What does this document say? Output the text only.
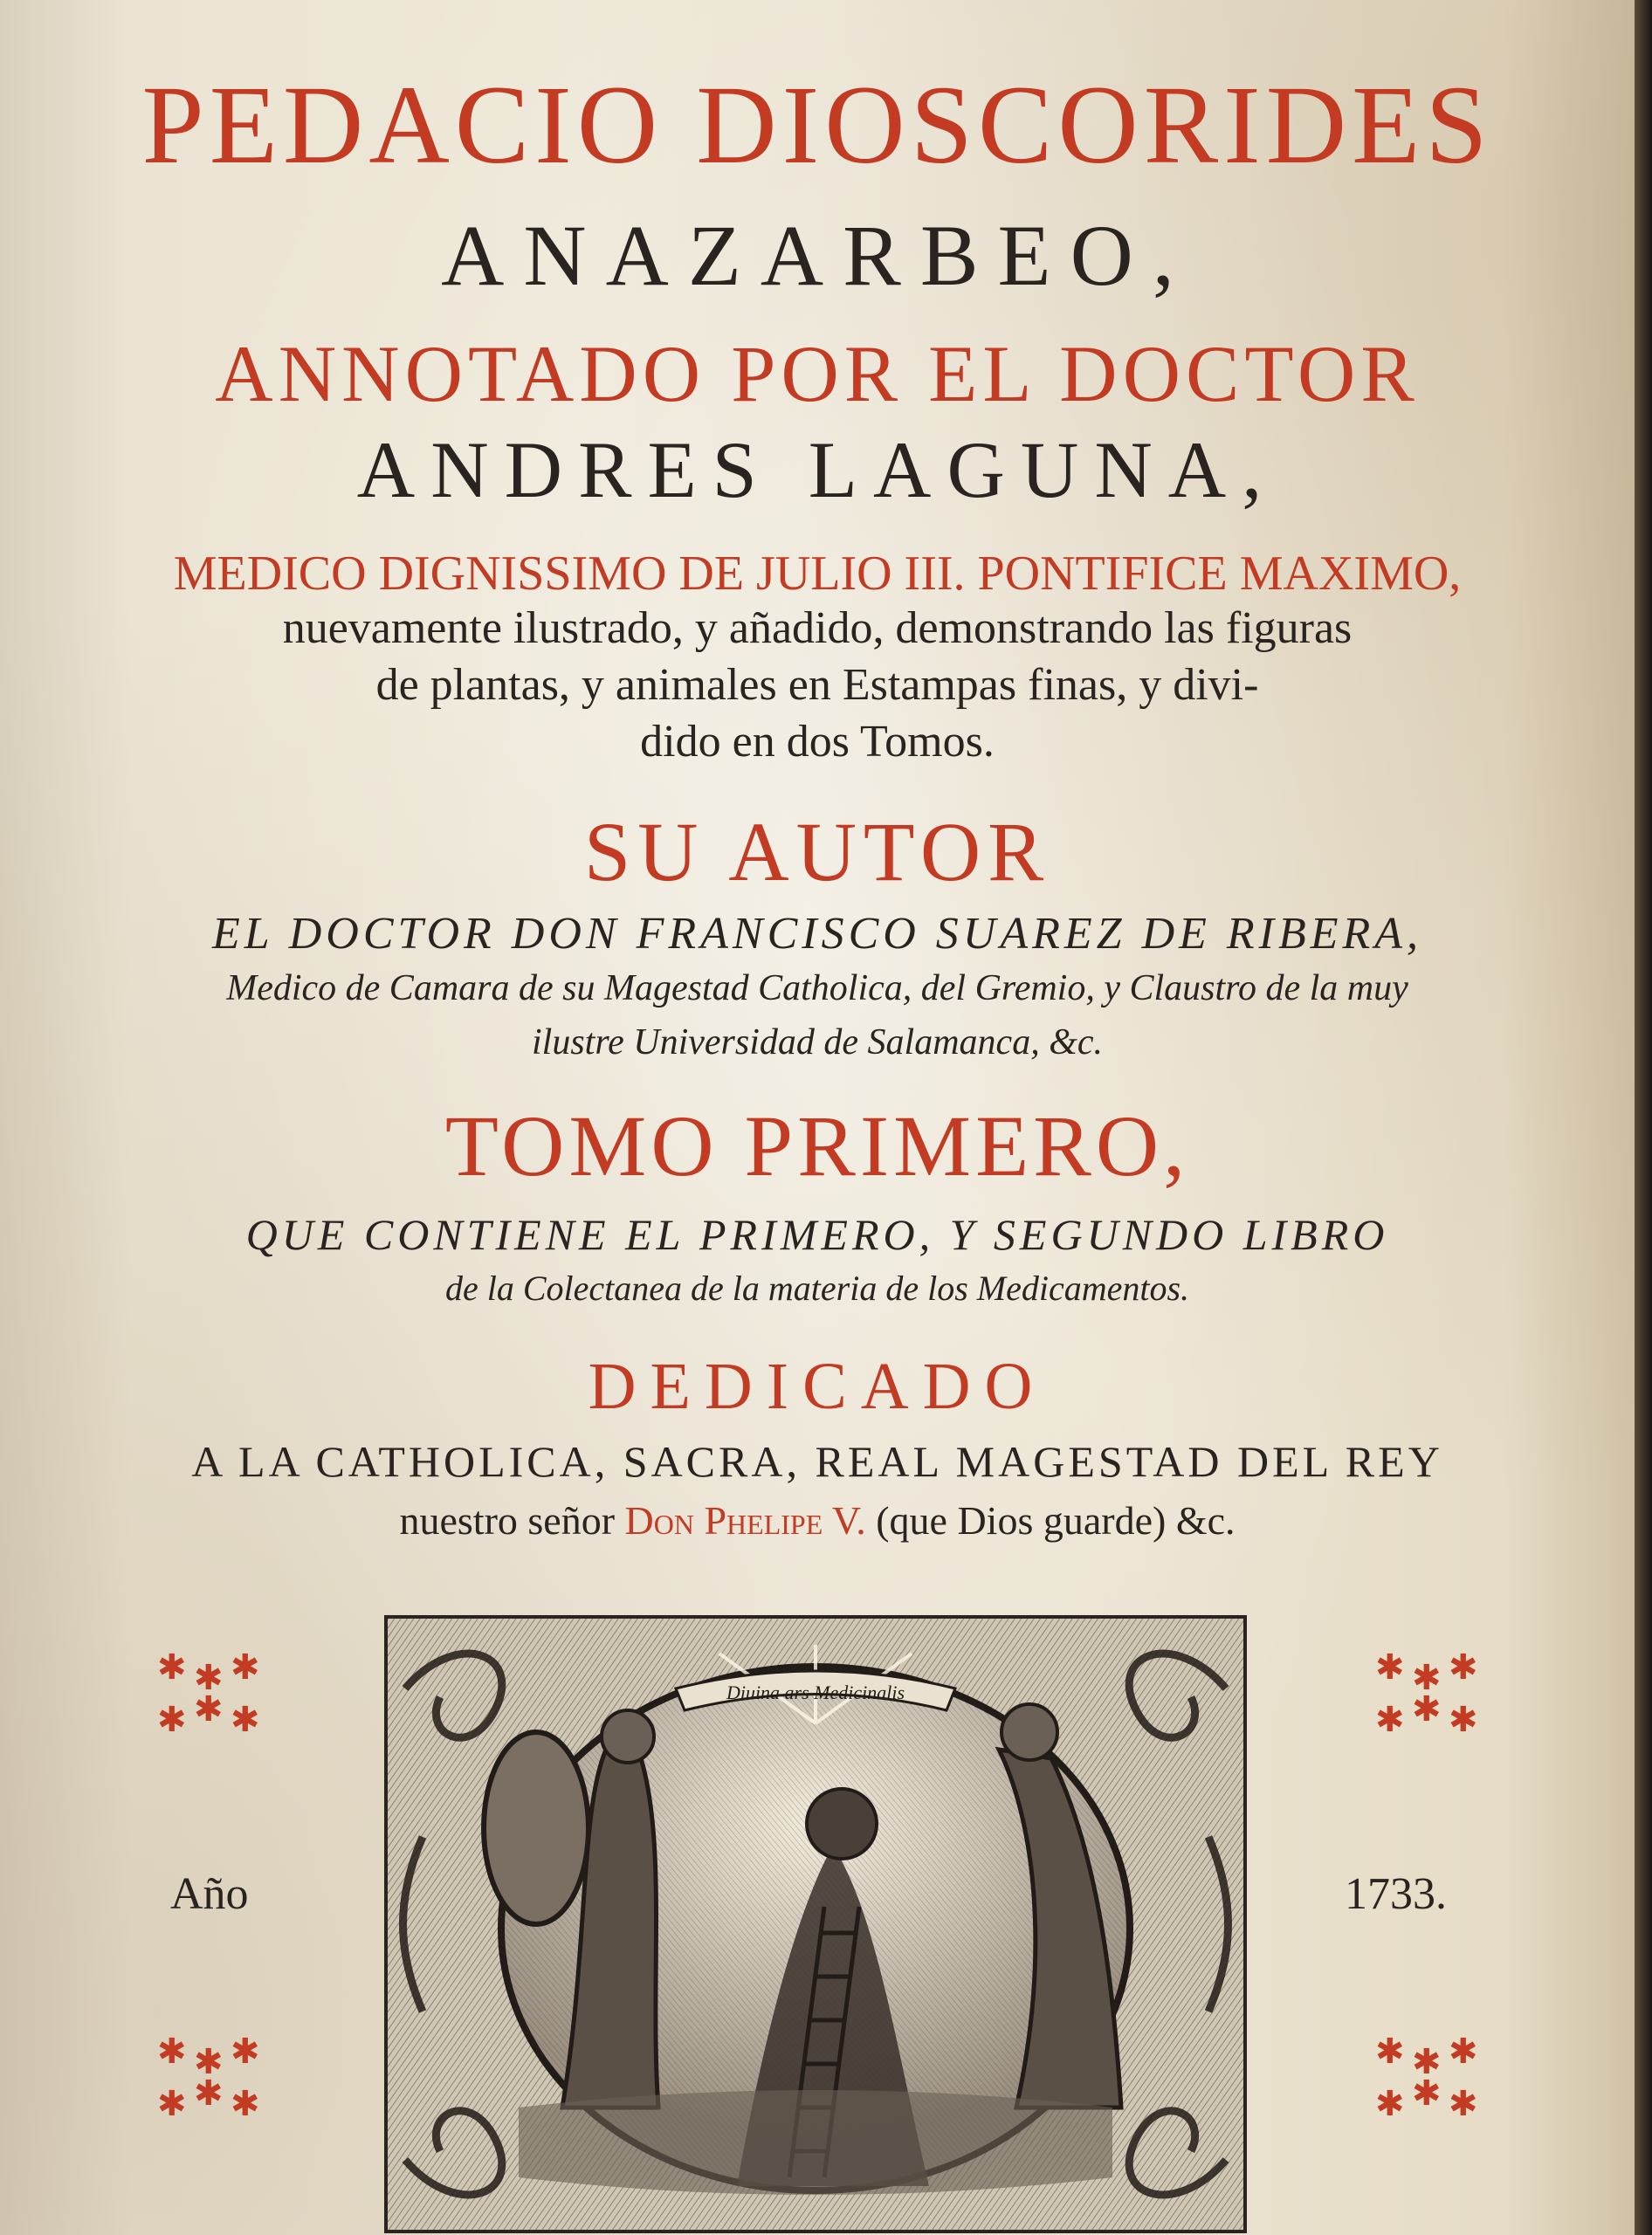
PEDACIO DIOSCORIDES
ANAZARBEO,
ANNOTADO POR EL DOCTOR
ANDRES LAGUNA,
MEDICO DIGNISSIMO DE JULIO III. PONTIFICE MAXIMO,
nuevamente ilustrado, y añadido, demonstrando las figuras
de plantas, y animales en Estampas finas, y divi-
dido en dos Tomos.
SU AUTOR
EL DOCTOR DON FRANCISCO SUAREZ DE RIBERA,
Medico de Camara de su Magestad Catholica, del Gremio, y Claustro de la muy
ilustre Universidad de Salamanca, &c.
TOMO PRIMERO,
QUE CONTIENE EL PRIMERO, Y SEGUNDO LIBRO
de la Colectanea de la materia de los Medicamentos.
DEDICADO
A LA CATHOLICA, SACRA, REAL MAGESTAD DEL REY
nuestro señor Don Phelipe V. (que Dios guarde) &c.
✱ ✱ ✱
✱ ✱ ✱
✱ ✱ ✱
✱ ✱ ✱
✱ ✱ ✱
✱ ✱ ✱
✱ ✱ ✱
✱ ✱ ✱
Año	1733.
Diuina ars Medicinalis
